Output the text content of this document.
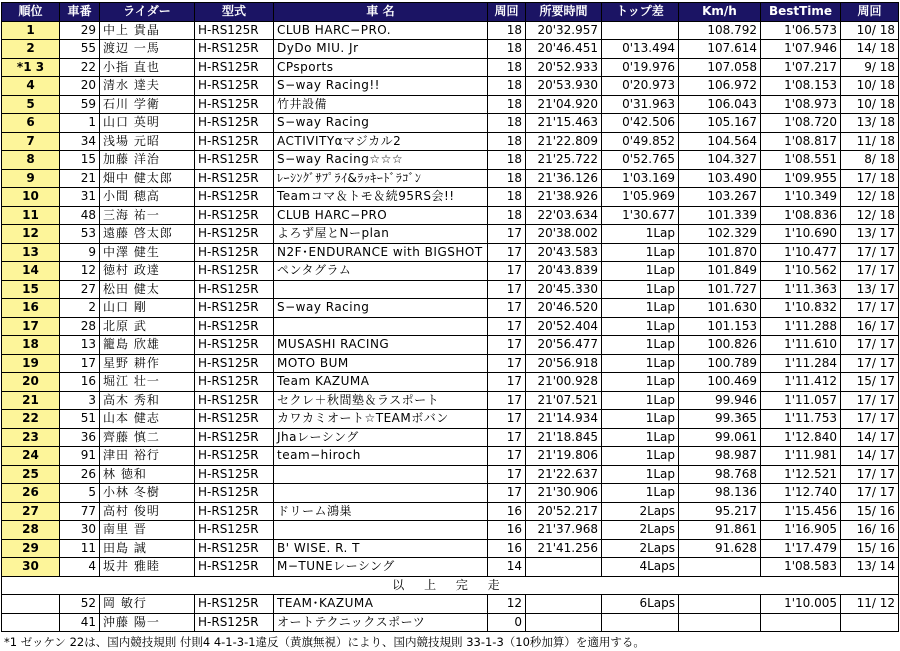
順位	車番	ライダー	型式	車 名	周回	所要時間	トップ差	Km/h	BestTime	周回
1	29	中上 貴晶	H-RS125R	CLUB HARC−PRO.	18	20'32.957		108.792	1'06.573	10/ 18
2	55	渡辺 一馬	H-RS125R	DyDo MIU. Jr	18	20'46.451	0'13.494	107.614	1'07.946	14/ 18
*1 3	22	小指 直也	H-RS125R	CPsports	18	20'52.933	0'19.976	107.058	1'07.217	9/ 18
4	20	清水 達夫	H-RS125R	S−way Racing!!	18	20'53.930	0'20.973	106.972	1'08.153	10/ 18
5	59	石川 学衛	H-RS125R	竹井設備	18	21'04.920	0'31.963	106.043	1'08.973	10/ 18
6	1	山口 英明	H-RS125R	S−way Racing	18	21'15.463	0'42.506	105.167	1'08.720	13/ 18
7	34	浅場 元昭	H-RS125R	ACTIVITYαマジカル2	18	21'22.809	0'49.852	104.564	1'08.817	11/ 18
8	15	加藤 洋治	H-RS125R	S−way Racing☆☆☆	18	21'25.722	0'52.765	104.327	1'08.551	8/ 18
9	21	畑中 健太郎	H-RS125R	ﾚｰｼﾝｸﾞｻﾌﾟﾗｲ&ﾗｯｷｰﾄﾞﾗｺﾞﾝ	18	21'36.126	1'03.169	103.490	1'09.955	17/ 18
10	31	小間 穂高	H-RS125R	Teamコマ＆トモ＆続95RS会!!	18	21'38.926	1'05.969	103.267	1'10.349	12/ 18
11	48	三海 祐一	H-RS125R	CLUB HARC−PRO	18	22'03.634	1'30.677	101.339	1'08.836	12/ 18
12	53	遠藤 啓太郎	H-RS125R	よろず屋とNーplan	17	20'38.002	1Lap	102.329	1'10.690	13/ 17
13	9	中澤 健生	H-RS125R	N2F･ENDURANCE with BIGSHOT	17	20'43.583	1Lap	101.870	1'10.477	17/ 17
14	12	徳村 政達	H-RS125R	ペンタグラム	17	20'43.839	1Lap	101.849	1'10.562	17/ 17
15	27	松田 健太	H-RS125R		17	20'45.330	1Lap	101.727	1'11.363	13/ 17
16	2	山口 剛	H-RS125R	S−way Racing	17	20'46.520	1Lap	101.630	1'10.832	17/ 17
17	28	北原 武	H-RS125R		17	20'52.404	1Lap	101.153	1'11.288	16/ 17
18	13	籠島 欣雄	H-RS125R	MUSASHI RACING	17	20'56.477	1Lap	100.826	1'11.610	17/ 17
19	17	星野 耕作	H-RS125R	MOTO BUM	17	20'56.918	1Lap	100.789	1'11.284	17/ 17
20	16	堀江 壮一	H-RS125R	Team KAZUMA	17	21'00.928	1Lap	100.469	1'11.412	15/ 17
21	3	高木 秀和	H-RS125R	セクレ＋秋間塾＆ラスポート	17	21'07.521	1Lap	99.946	1'11.057	17/ 17
22	51	山本 健志	H-RS125R	カワカミオート☆TEAMボバン	17	21'14.934	1Lap	99.365	1'11.753	17/ 17
23	36	齊藤 慎二	H-RS125R	Jhaレーシング	17	21'18.845	1Lap	99.061	1'12.840	14/ 17
24	91	津田 裕行	H-RS125R	team−hiroch	17	21'19.806	1Lap	98.987	1'11.981	14/ 17
25	26	林 徳和	H-RS125R		17	21'22.637	1Lap	98.768	1'12.521	17/ 17
26	5	小林 冬樹	H-RS125R		17	21'30.906	1Lap	98.136	1'12.740	17/ 17
27	77	高村 俊明	H-RS125R	ドリーム鴻巣	16	20'52.217	2Laps	95.217	1'15.456	15/ 16
28	30	南里 晋	H-RS125R		16	21'37.968	2Laps	91.861	1'16.905	16/ 16
29	11	田島 誠	H-RS125R	B' WISE. R. T	16	21'41.256	2Laps	91.628	1'17.479	15/ 16
30	4	坂井 雅睦	H-RS125R	M−TUNEレーシング	14		4Laps		1'08.583	13/ 14
以 上 完 走										
	52	岡 敏行	H-RS125R	TEAM･KAZUMA	12		6Laps		1'10.005	11/ 12
	41	沖藤 陽一	H-RS125R	オートテクニックスポーツ	0					
*1 ゼッケン 22は、国内競技規則 付則4 4-1-3-1違反（黄旗無視）により、国内競技規則 33-1-3（10秒加算）を適用する。
